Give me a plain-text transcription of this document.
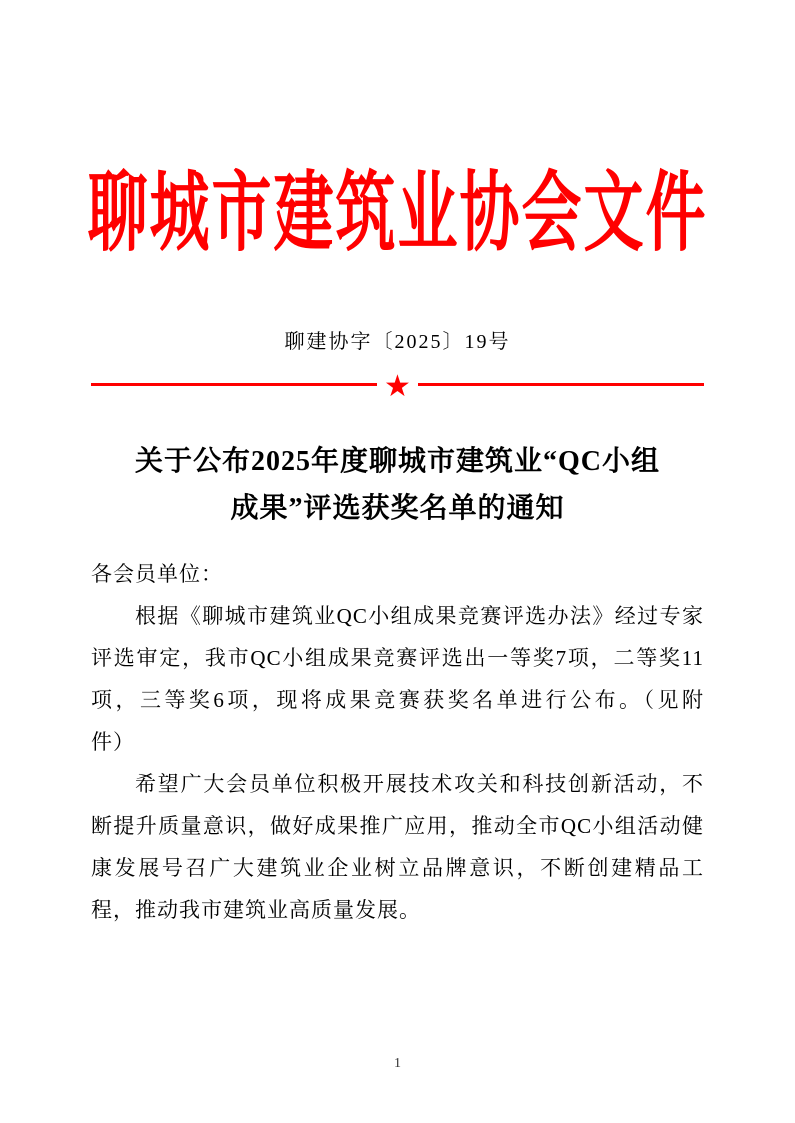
聊城市建筑业协会文件
聊建协字〔2025〕19号
★
关于公布2025年度聊城市建筑业“QC小组
成果”评选获奖名单的通知
各会员单位：
根据《聊城市建筑业QC小组成果竞赛评选办法》经过专家
评选审定，我市QC小组成果竞赛评选出一等奖7项，二等奖11
项，三等奖6项，现将成果竞赛获奖名单进行公布。（见附
件）
希望广大会员单位积极开展技术攻关和科技创新活动，不
断提升质量意识，做好成果推广应用，推动全市QC小组活动健
康发展号召广大建筑业企业树立品牌意识，不断创建精品工
程，推动我市建筑业高质量发展。
1
